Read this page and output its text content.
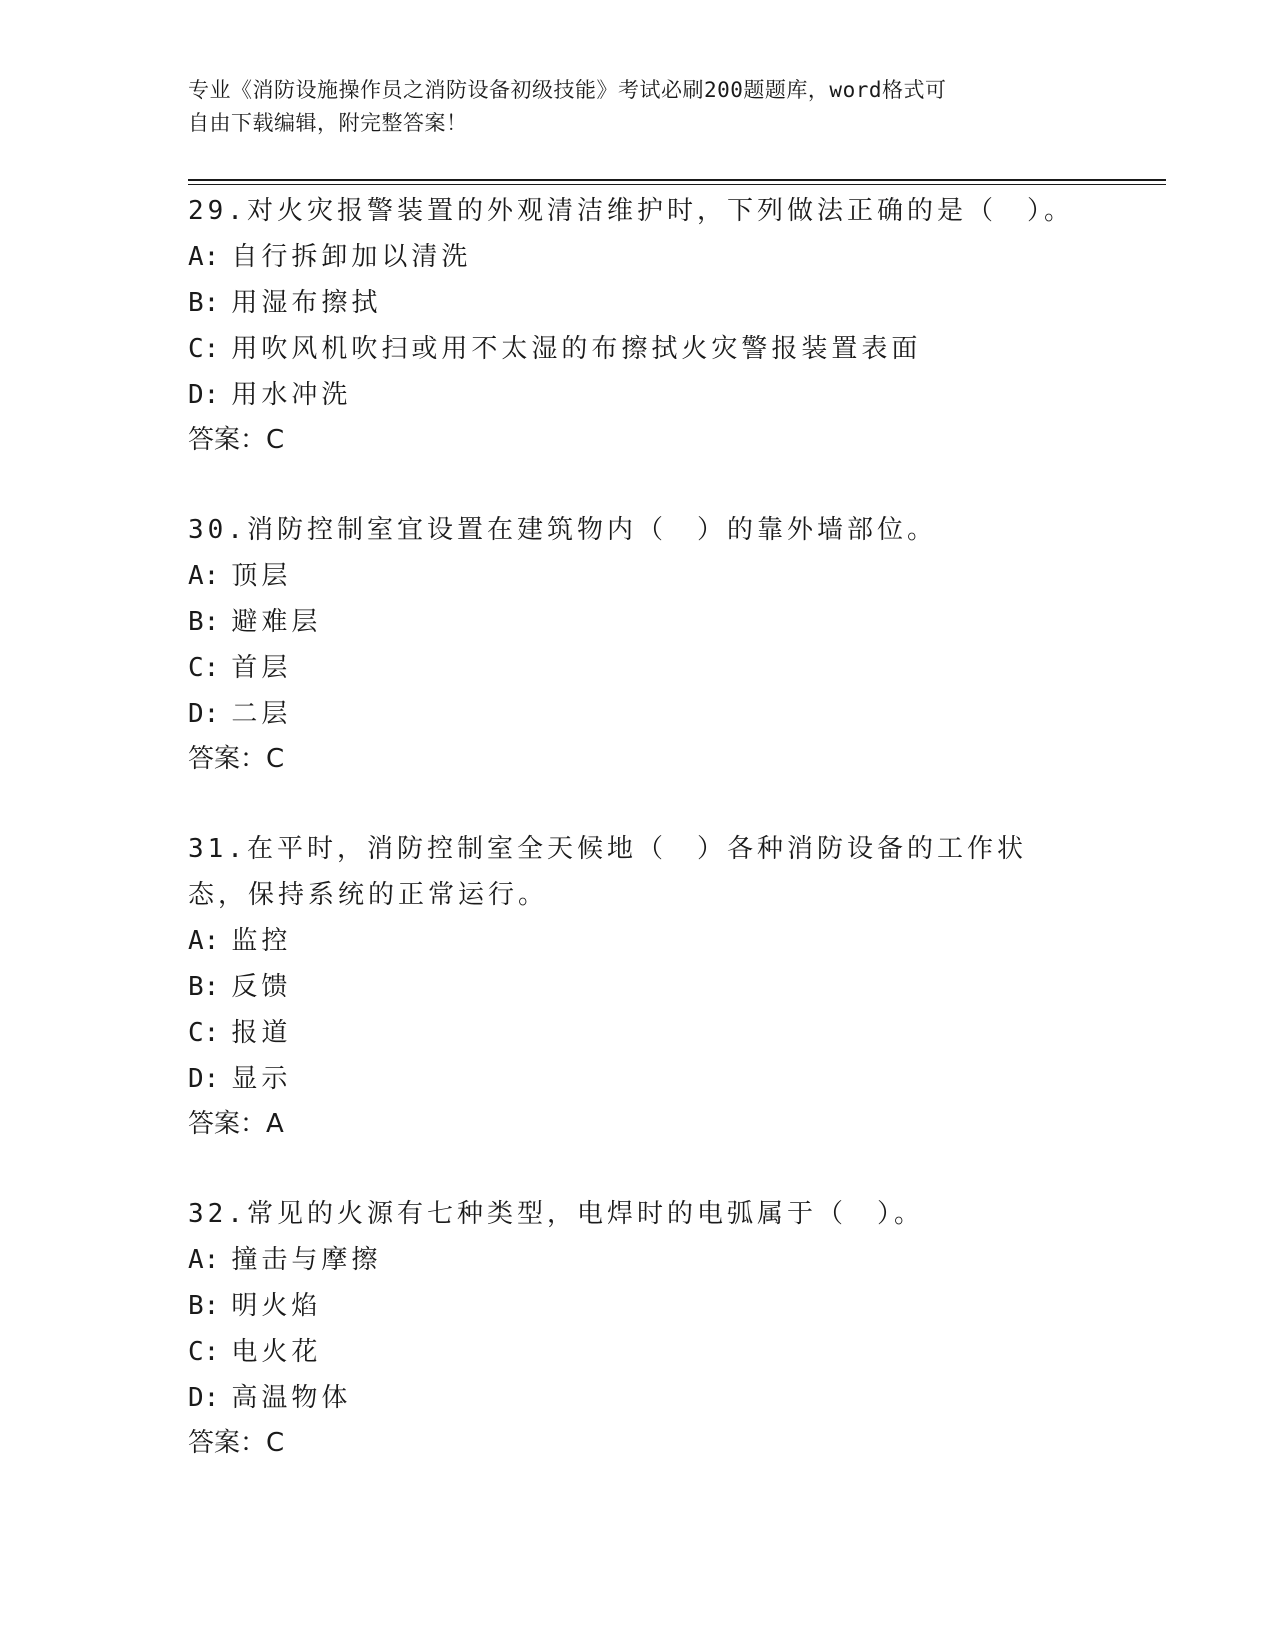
专业《消防设施操作员之消防设备初级技能》考试必刷200题题库，word格式可

自由下载编辑，附完整答案！

29.对火灾报警装置的外观清洁维护时，下列做法正确的是（　）。

A: 自行拆卸加以清洗

B: 用湿布擦拭

C: 用吹风机吹扫或用不太湿的布擦拭火灾警报装置表面

D: 用水冲洗

答案：C

30.消防控制室宜设置在建筑物内（　）的靠外墙部位。

A: 顶层

B: 避难层

C: 首层

D: 二层

答案：C

31.在平时，消防控制室全天候地（　）各种消防设备的工作状态，保持系统的正常运行。

A: 监控

B: 反馈

C: 报道

D: 显示

答案：A

32.常见的火源有七种类型，电焊时的电弧属于（　）。

A: 撞击与摩擦

B: 明火焰

C: 电火花

D: 高温物体

答案：C
